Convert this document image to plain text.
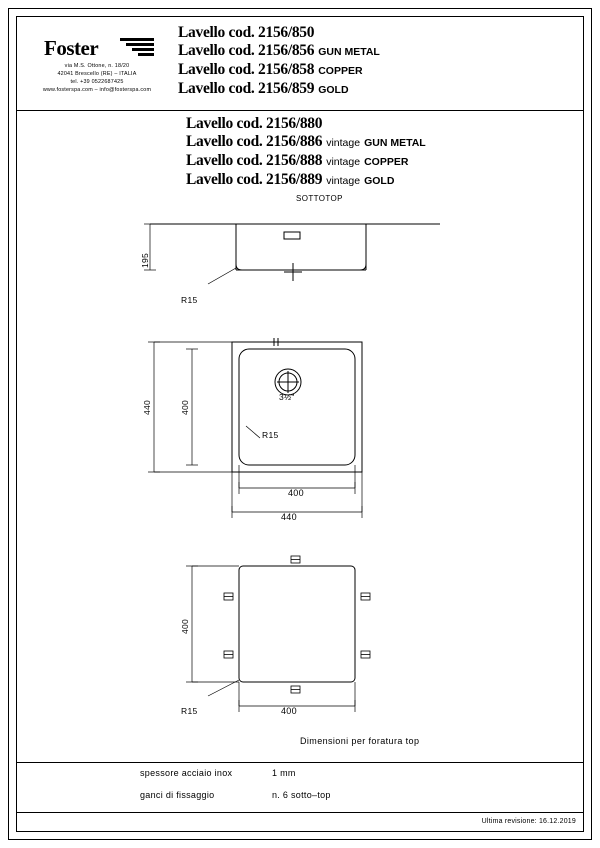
Foster
via M.S. Ottone, n. 18/20
42041 Brescello (RE) – ITALIA
tel. +39 0522687425
www.fosterspa.com – info@fosterspa.com
Lavello cod. 2156/850
Lavello cod. 2156/856 GUN METAL
Lavello cod. 2156/858 COPPER
Lavello cod. 2156/859 GOLD
Lavello cod. 2156/880
Lavello cod. 2156/886 vintage GUN METAL
Lavello cod. 2156/888 vintage COPPER
Lavello cod. 2156/889 vintage GOLD
SOTTOTOP
195
R15
440	400
3½"
R15
400
440
400
R15	400
Dimensioni per foratura top
spessore acciaio inox	1 mm
ganci di fissaggio	n. 6 sotto–top
Ultima revisione: 16.12.2019
